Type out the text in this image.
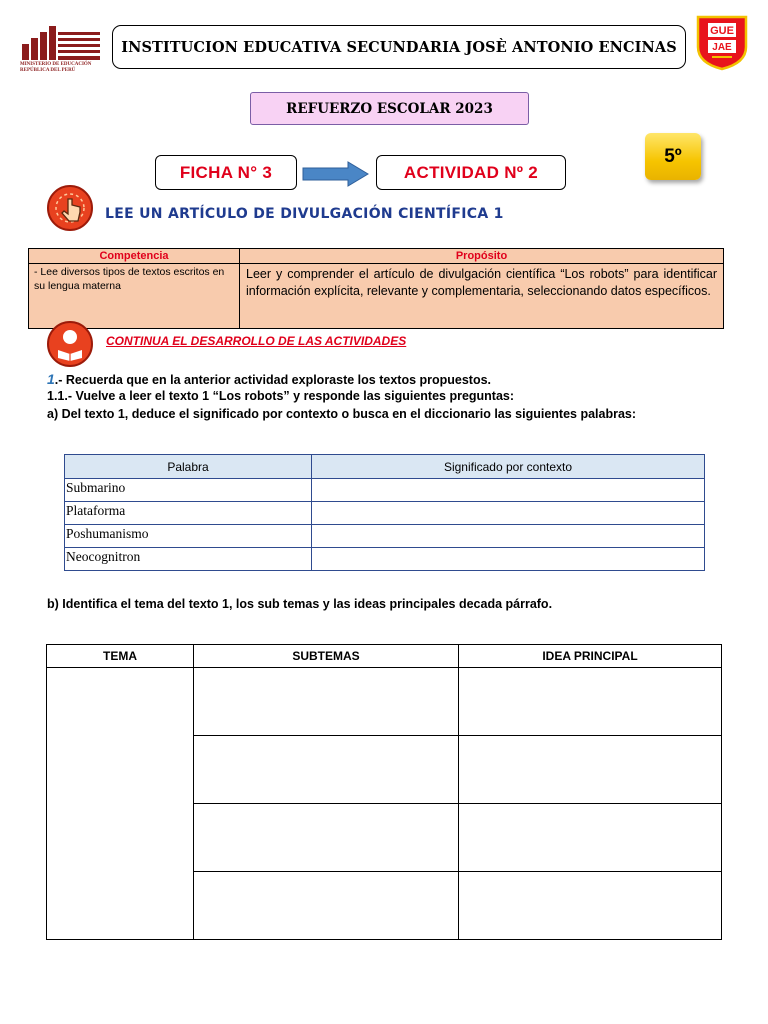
MINISTERIO DE EDUCACIÓN REPÚBLICA DEL PERÚ
INSTITUCION EDUCATIVA SECUNDARIA JOSÈ ANTONIO ENCINAS
GUE
JAE
REFUERZO ESCOLAR 2023
FICHA N° 3	ACTIVIDAD Nº 2
5º
LEE UN ARTÍCULO DE DIVULGACIÓN CIENTÍFICA 1
Competencia	Propósito
- Lee diversos tipos de textos escritos en su lengua materna	Leer y comprender el artículo de divulgación científica “Los robots” para identificar información explícita, relevante y complementaria, seleccionando datos específicos.
CONTINUA EL DESARROLLO DE LAS ACTIVIDADES
1.- Recuerda que en la anterior actividad exploraste los textos propuestos.
1.1.- Vuelve a leer el texto 1 “Los robots” y responde las siguientes preguntas:
a) Del texto 1, deduce el significado por contexto o busca en el diccionario las siguientes palabras:
Palabra	Significado por contexto
Submarino	
Plataforma	
Poshumanismo	
Neocognitron	
b) Identifica el tema del texto 1, los sub temas y las ideas principales decada párrafo.
TEMA	SUBTEMAS	IDEA PRINCIPAL
